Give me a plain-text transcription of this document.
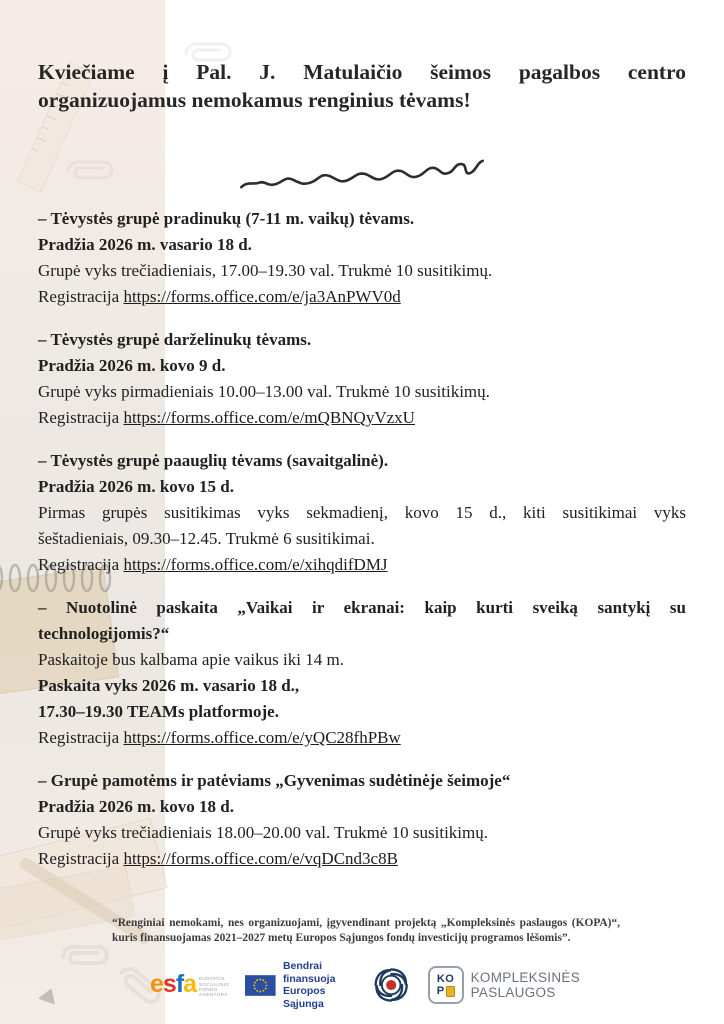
Kviečiame į Pal. J. Matulaičio šeimos pagalbos centro
organizuojamus nemokamus renginius tėvams!

– Tėvystės grupė pradinukų (7-11 m. vaikų) tėvams.

Pradžia 2026 m. vasario 18 d.

Grupė vyks trečiadieniais, 17.00–19.30 val. Trukmė 10 susitikimų.

Registracija https://forms.office.com/e/ja3AnPWV0d

– Tėvystės grupė darželinukų tėvams.

Pradžia 2026 m. kovo 9 d.

Grupė vyks pirmadieniais 10.00–13.00 val. Trukmė 10 susitikimų.

Registracija https://forms.office.com/e/mQBNQyVzxU

– Tėvystės grupė paauglių tėvams (savaitgalinė).

Pradžia 2026 m. kovo 15 d.

Pirmas grupės susitikimas vyks sekmadienį, kovo 15 d., kiti susitikimai vyks

šeštadieniais, 09.30–12.45. Trukmė 6 susitikimai.

Registracija https://forms.office.com/e/xihqdifDMJ

– Nuotolinė paskaita „Vaikai ir ekranai: kaip kurti sveiką santykį su

technologijomis?“

Paskaitoje bus kalbama apie vaikus iki 14 m.

Paskaita vyks 2026 m. vasario 18 d.,

17.30–19.30 TEAMs platformoje.

Registracija https://forms.office.com/e/yQC28fhPBw

– Grupė pamotėms ir patėviams „Gyvenimas sudėtinėje šeimoje“

Pradžia 2026 m. kovo 18 d.

Grupė vyks trečiadieniais 18.00–20.00 val. Trukmė 10 susitikimų.

Registracija https://forms.office.com/e/vqDCnd3c8B

“Renginiai nemokami, nes organizuojami, įgyvendinant projektą „Kompleksinės paslaugos (KOPA)“,
kuris finansuojamas 2021–2027 metų Europos Sąjungos fondų investicijų programos lėšomis”.
esfa EUROPOS
SOCIALINIO
FONDO
AGENTŪRA
Bendrai finansuoja
Europos Sąjunga
KO
P
KOMPLEKSINĖS
PASLAUGOS
